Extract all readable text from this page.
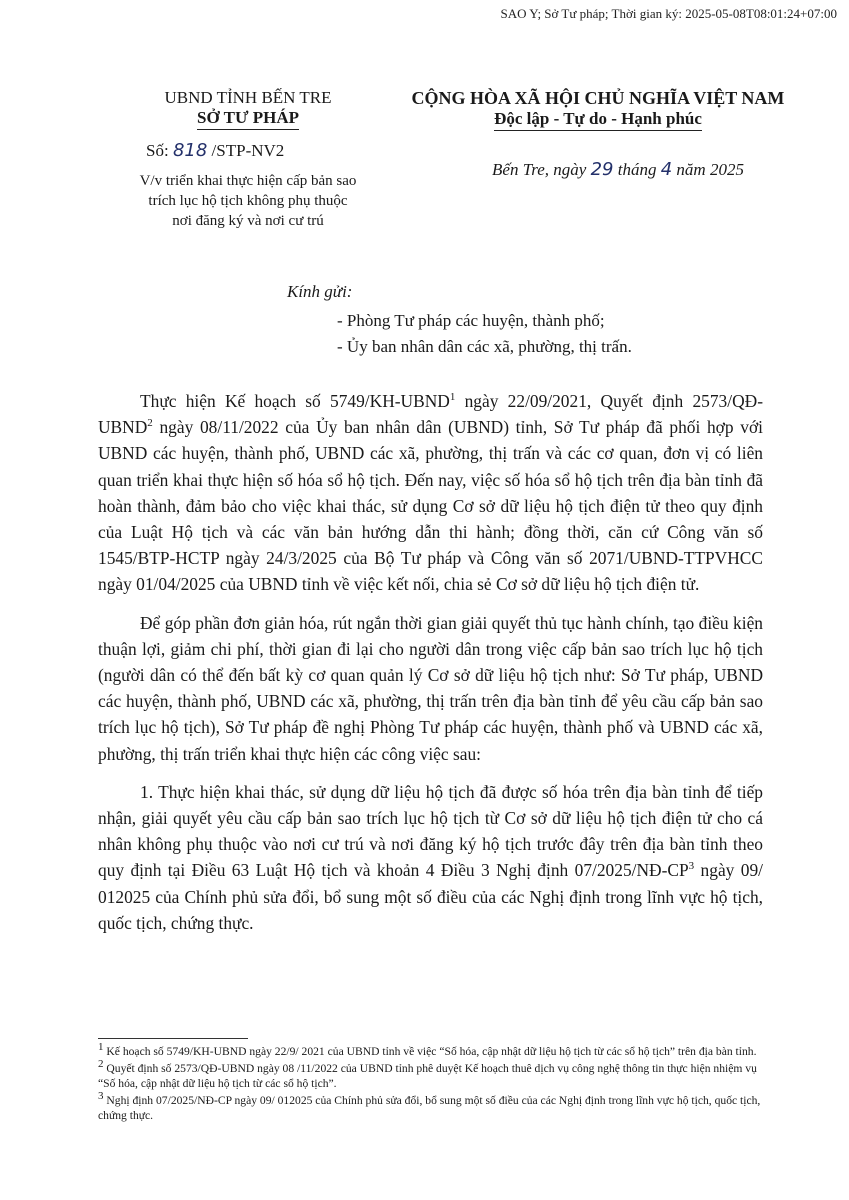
SAO Y; Sở Tư pháp; Thời gian ký: 2025-05-08T08:01:24+07:00
UBND TỈNH BẾN TRE
SỞ TƯ PHÁP
Số: 818 /STP-NV2
V/v triển khai thực hiện cấp bản sao
trích lục hộ tịch không phụ thuộc
nơi đăng ký và nơi cư trú
CỘNG HÒA XÃ HỘI CHỦ NGHĨA VIỆT NAM
Độc lập - Tự do - Hạnh phúc
Bến Tre, ngày 29 tháng 4 năm 2025
Kính gửi:
- Phòng Tư pháp các huyện, thành phố;
- Ủy ban nhân dân các xã, phường, thị trấn.

Thực hiện Kế hoạch số 5749/KH-UBND$^1$ ngày 22/09/2021, Quyết định 2573/QĐ-UBND$^2$ ngày 08/11/2022 của Ủy ban nhân dân (UBND) tỉnh, Sở Tư pháp đã phối hợp với UBND các huyện, thành phố, UBND các xã, phường, thị trấn và các cơ quan, đơn vị có liên quan triển khai thực hiện số hóa sổ hộ tịch. Đến nay, việc số hóa sổ hộ tịch trên địa bàn tỉnh đã hoàn thành, đảm bảo cho việc khai thác, sử dụng Cơ sở dữ liệu hộ tịch điện tử theo quy định của Luật Hộ tịch và các văn bản hướng dẫn thi hành; đồng thời, căn cứ Công văn số 1545/BTP-HCTP ngày 24/3/2025 của Bộ Tư pháp và Công văn số 2071/UBND-TTPVHCC ngày 01/04/2025 của UBND tỉnh về việc kết nối, chia sẻ Cơ sở dữ liệu hộ tịch điện tử.

Để góp phần đơn giản hóa, rút ngắn thời gian giải quyết thủ tục hành chính, tạo điều kiện thuận lợi, giảm chi phí, thời gian đi lại cho người dân trong việc cấp bản sao trích lục hộ tịch (người dân có thể đến bất kỳ cơ quan quản lý Cơ sở dữ liệu hộ tịch như: Sở Tư pháp, UBND các huyện, thành phố, UBND các xã, phường, thị trấn trên địa bàn tỉnh để yêu cầu cấp bản sao trích lục hộ tịch), Sở Tư pháp đề nghị Phòng Tư pháp các huyện, thành phố và UBND các xã, phường, thị trấn triển khai thực hiện các công việc sau:

1. Thực hiện khai thác, sử dụng dữ liệu hộ tịch đã được số hóa trên địa bàn tỉnh để tiếp nhận, giải quyết yêu cầu cấp bản sao trích lục hộ tịch từ Cơ sở dữ liệu hộ tịch điện tử cho cá nhân không phụ thuộc vào nơi cư trú và nơi đăng ký hộ tịch trước đây trên địa bàn tỉnh theo quy định tại Điều 63 Luật Hộ tịch và khoản 4 Điều 3 Nghị định $07/2025/NĐ-CP^3$ ngày 09/ 012025 của Chính phủ sửa đổi, bổ sung một số điều của các Nghị định trong lĩnh vực hộ tịch, quốc tịch, chứng thực.

$^1$ Kế hoạch số 5749/KH-UBND ngày 22/9/ 2021 của UBND tỉnh về việc “Số hóa, cập nhật dữ liệu hộ tịch từ các sổ hộ tịch” trên địa bàn tỉnh.
$^2$ Quyết định số 2573/QĐ-UBND ngày 08 /11/2022 của UBND tỉnh phê duyệt Kế hoạch thuê dịch vụ công nghệ thông tin thực hiện nhiệm vụ “Số hóa, cập nhật dữ liệu hộ tịch từ các sổ hộ tịch”.
$^3$ Nghị định 07/2025/NĐ-CP ngày 09/ 012025 của Chính phủ sửa đổi, bổ sung một số điều của các Nghị định trong lĩnh vực hộ tịch, quốc tịch, chứng thực.
